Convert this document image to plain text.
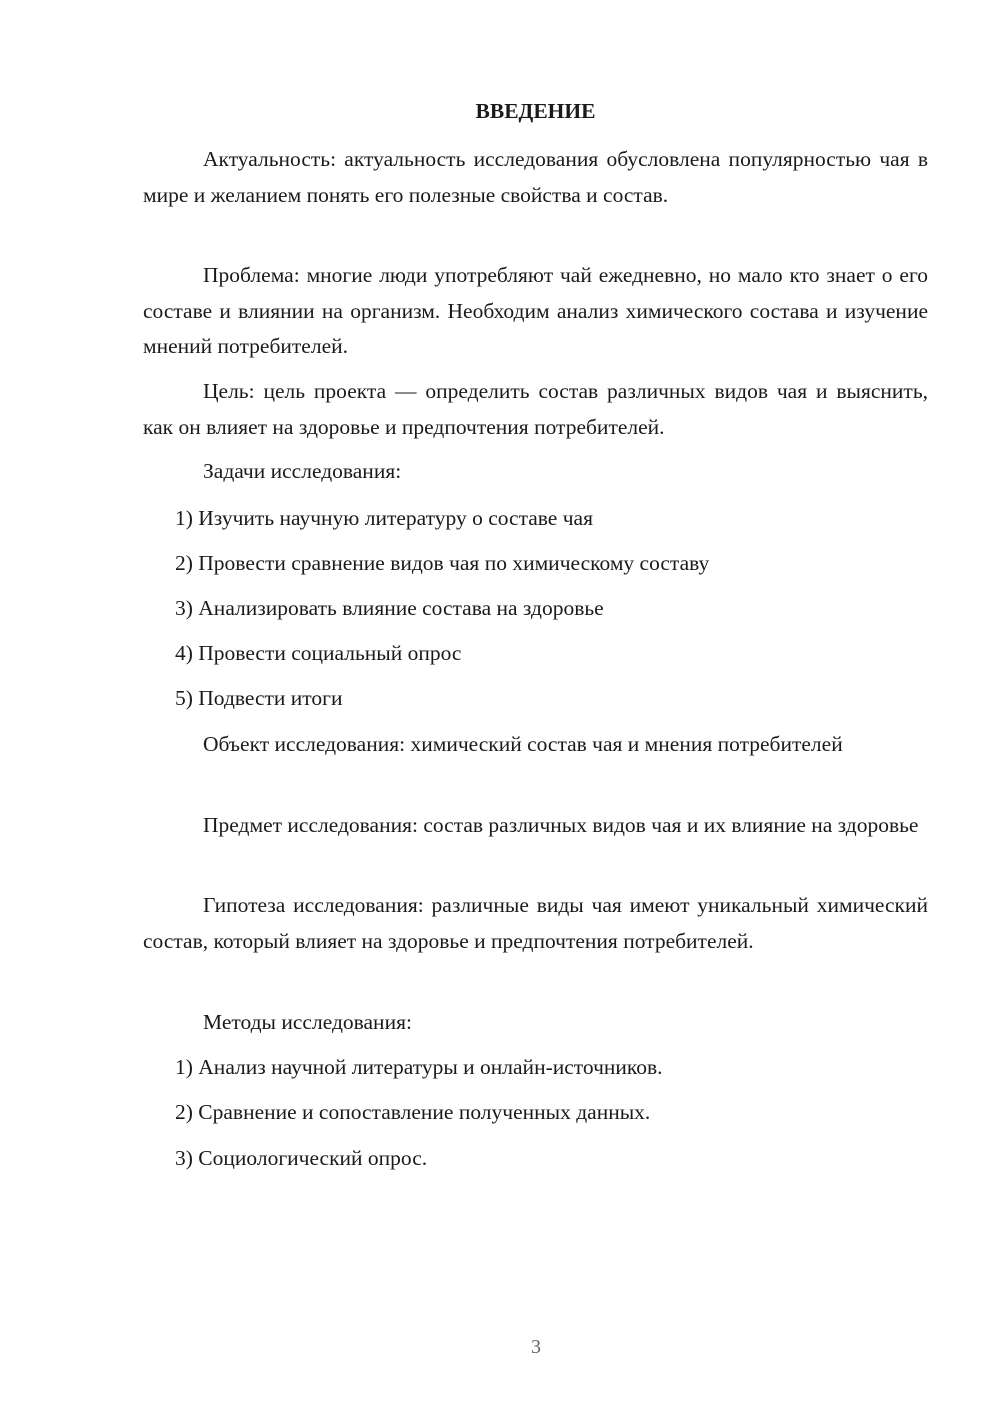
ВВЕДЕНИЕ

Актуальность: актуальность исследования обусловлена популярностью чая в мире и желанием понять его полезные свойства и состав.

Проблема: многие люди употребляют чай ежедневно, но мало кто знает о его составе и влиянии на организм. Необходим анализ химического состава и изучение мнений потребителей.

Цель: цель проекта — определить состав различных видов чая и выяснить, как он влияет на здоровье и предпочтения потребителей.

Задачи исследования:

1) Изучить научную литературу о составе чая

2) Провести сравнение видов чая по химическому составу

3) Анализировать влияние состава на здоровье

4) Провести социальный опрос

5) Подвести итоги

Объект исследования: химический состав чая и мнения потребителей

Предмет исследования: состав различных видов чая и их влияние на здоровье

Гипотеза исследования: различные виды чая имеют уникальный химический состав, который влияет на здоровье и предпочтения потребителей.

Методы исследования:

1) Анализ научной литературы и онлайн-источников.

2) Сравнение и сопоставление полученных данных.

3) Социологический опрос.

3
